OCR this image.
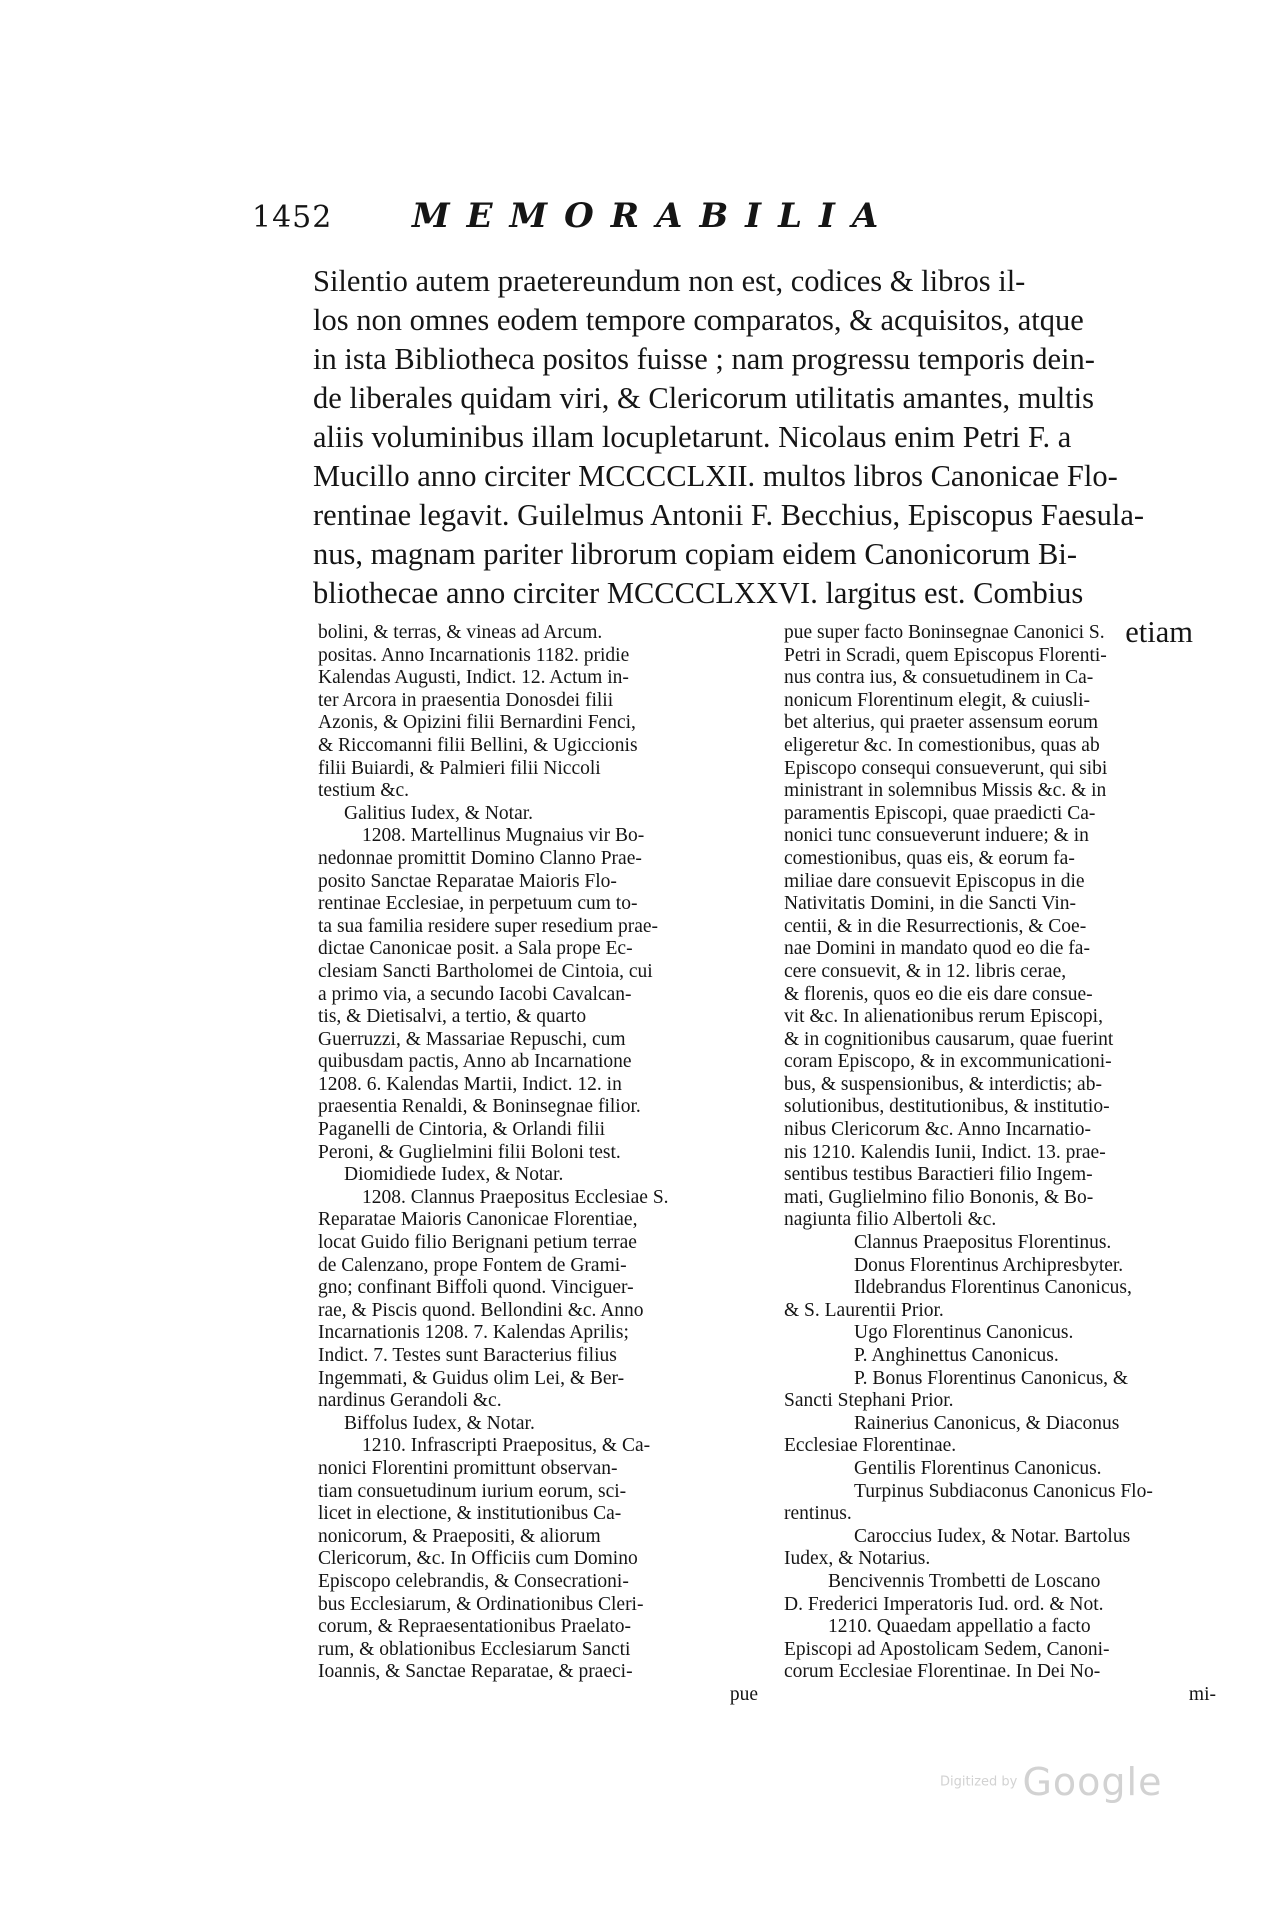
1452 MEMORABILIA
Silentio autem praetereundum non est, codices & libros il-
los non omnes eodem tempore comparatos, & acquisitos, atque
in ista Bibliotheca positos fuisse ; nam progressu temporis dein-
de liberales quidam viri, & Clericorum utilitatis amantes, multis
aliis voluminibus illam locupletarunt. Nicolaus enim Petri F. a
Mucillo anno circiter MCCCCLXII. multos libros Canonicae Flo-
rentinae legavit. Guilelmus Antonii F. Becchius, Episcopus Faesula-
nus, magnam pariter librorum copiam eidem Canonicorum Bi-
bliothecae anno circiter MCCCCLXXVI. largitus est. Combius
etiam
bolini, & terras, & vineas ad Arcum.
positas. Anno Incarnationis 1182. pridie
Kalendas Augusti, Indict. 12. Actum in-
ter Arcora in praesentia Donosdei filii
Azonis, & Opizini filii Bernardini Fenci,
& Riccomanni filii Bellini, & Ugiccionis
filii Buiardi, & Palmieri filii Niccoli
testium &c.
Galitius Iudex, & Notar.
1208. Martellinus Mugnaius vir Bo-
nedonnae promittit Domino Clanno Prae-
posito Sanctae Reparatae Maioris Flo-
rentinae Ecclesiae, in perpetuum cum to-
ta sua familia residere super resedium prae-
dictae Canonicae posit. a Sala prope Ec-
clesiam Sancti Bartholomei de Cintoia, cui
a primo via, a secundo Iacobi Cavalcan-
tis, & Dietisalvi, a tertio, & quarto
Guerruzzi, & Massariae Repuschi, cum
quibusdam pactis, Anno ab Incarnatione
1208. 6. Kalendas Martii, Indict. 12. in
praesentia Renaldi, & Boninsegnae filior.
Paganelli de Cintoria, & Orlandi filii
Peroni, & Guglielmini filii Boloni test.
Diomidiede Iudex, & Notar.
1208. Clannus Praepositus Ecclesiae S.
Reparatae Maioris Canonicae Florentiae,
locat Guido filio Berignani petium terrae
de Calenzano, prope Fontem de Grami-
gno; confinant Biffoli quond. Vinciguer-
rae, & Piscis quond. Bellondini &c. Anno
Incarnationis 1208. 7. Kalendas Aprilis;
Indict. 7. Testes sunt Baracterius filius
Ingemmati, & Guidus olim Lei, & Ber-
nardinus Gerandoli &c.
Biffolus Iudex, & Notar.
1210. Infrascripti Praepositus, & Ca-
nonici Florentini promittunt observan-
tiam consuetudinum iurium eorum, sci-
licet in electione, & institutionibus Ca-
nonicorum, & Praepositi, & aliorum
Clericorum, &c. In Officiis cum Domino
Episcopo celebrandis, & Consecrationi-
bus Ecclesiarum, & Ordinationibus Cleri-
corum, & Repraesentationibus Praelato-
rum, & oblationibus Ecclesiarum Sancti
Ioannis, & Sanctae Reparatae, & praeci-
pue
pue super facto Boninsegnae Canonici S.
Petri in Scradi, quem Episcopus Florenti-
nus contra ius, & consuetudinem in Ca-
nonicum Florentinum elegit, & cuiusli-
bet alterius, qui praeter assensum eorum
eligeretur &c. In comestionibus, quas ab
Episcopo consequi consueverunt, qui sibi
ministrant in solemnibus Missis &c. & in
paramentis Episcopi, quae praedicti Ca-
nonici tunc consueverunt induere; & in
comestionibus, quas eis, & eorum fa-
miliae dare consuevit Episcopus in die
Nativitatis Domini, in die Sancti Vin-
centii, & in die Resurrectionis, & Coe-
nae Domini in mandato quod eo die fa-
cere consuevit, & in 12. libris cerae,
& florenis, quos eo die eis dare consue-
vit &c. In alienationibus rerum Episcopi,
& in cognitionibus causarum, quae fuerint
coram Episcopo, & in excommunicationi-
bus, & suspensionibus, & interdictis; ab-
solutionibus, destitutionibus, & institutio-
nibus Clericorum &c. Anno Incarnatio-
nis 1210. Kalendis Iunii, Indict. 13. prae-
sentibus testibus Baractieri filio Ingem-
mati, Guglielmino filio Bononis, & Bo-
nagiunta filio Albertoli &c.
Clannus Praepositus Florentinus.
Donus Florentinus Archipresbyter.
Ildebrandus Florentinus Canonicus,
& S. Laurentii Prior.
Ugo Florentinus Canonicus.
P. Anghinettus Canonicus.
P. Bonus Florentinus Canonicus, &
Sancti Stephani Prior.
Rainerius Canonicus, & Diaconus
Ecclesiae Florentinae.
Gentilis Florentinus Canonicus.
Turpinus Subdiaconus Canonicus Flo-
rentinus.
Caroccius Iudex, & Notar. Bartolus
Iudex, & Notarius.
Bencivennis Trombetti de Loscano
D. Frederici Imperatoris Iud. ord. & Not.
1210. Quaedam appellatio a facto
Episcopi ad Apostolicam Sedem, Canoni-
corum Ecclesiae Florentinae. In Dei No-
mi-
Digitized by Google
